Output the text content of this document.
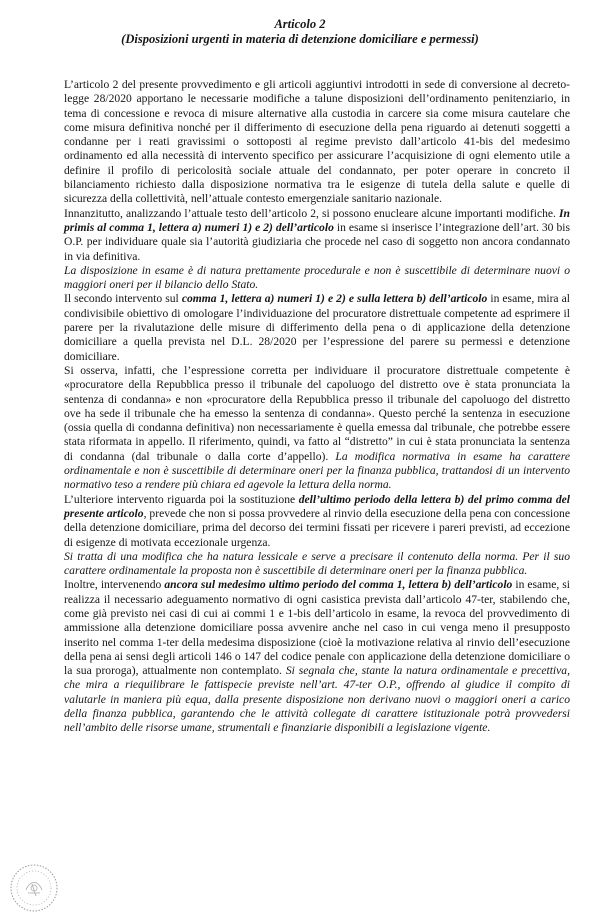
Articolo 2
(Disposizioni urgenti in materia di detenzione domiciliare e permessi)

L’articolo 2 del presente provvedimento e gli articoli aggiuntivi introdotti in sede di conversione al decreto-legge 28/2020 apportano le necessarie modifiche a talune disposizioni dell’ordinamento penitenziario, in tema di concessione e revoca di misure alternative alla custodia in carcere sia come misura cautelare che come misura definitiva nonché per il differimento di esecuzione della pena riguardo ai detenuti soggetti a condanne per i reati gravissimi o sottoposti al regime previsto dall’articolo 41-bis del medesimo ordinamento ed alla necessità di intervento specifico per assicurare l’acquisizione di ogni elemento utile a definire il profilo di pericolosità sociale attuale del condannato, per poter operare in concreto il bilanciamento richiesto dalla disposizione normativa tra le esigenze di tutela della salute e quelle di sicurezza della collettività, nell’attuale contesto emergenziale sanitario nazionale.

Innanzitutto, analizzando l’attuale testo dell’articolo 2, si possono enucleare alcune importanti modifiche. In primis al comma 1, lettera a) numeri 1) e 2) dell’articolo in esame si inserisce l’integrazione dell’art. 30 bis O.P. per individuare quale sia l’autorità giudiziaria che procede nel caso di soggetto non ancora condannato in via definitiva.

La disposizione in esame è di natura prettamente procedurale e non è suscettibile di determinare nuovi o maggiori oneri per il bilancio dello Stato.

Il secondo intervento sul comma 1, lettera a) numeri 1) e 2) e sulla lettera b) dell’articolo in esame, mira al condivisibile obiettivo di omologare l’individuazione del procuratore distrettuale competente ad esprimere il parere per la rivalutazione delle misure di differimento della pena o di applicazione della detenzione domiciliare a quella prevista nel D.L. 28/2020 per l’espressione del parere su permessi e detenzione domiciliare.

Si osserva, infatti, che l’espressione corretta per individuare il procuratore distrettuale competente è «procuratore della Repubblica presso il tribunale del capoluogo del distretto ove è stata pronunciata la sentenza di condanna» e non «procuratore della Repubblica presso il tribunale del capoluogo del distretto ove ha sede il tribunale che ha emesso la sentenza di condanna». Questo perché la sentenza in esecuzione (ossia quella di condanna definitiva) non necessariamente è quella emessa dal tribunale, che potrebbe essere stata riformata in appello. Il riferimento, quindi, va fatto al “distretto” in cui è stata pronunciata la sentenza di condanna (dal tribunale o dalla corte d’appello). La modifica normativa in esame ha carattere ordinamentale e non è suscettibile di determinare oneri per la finanza pubblica, trattandosi di un intervento normativo teso a rendere più chiara ed agevole la lettura della norma.

L’ulteriore intervento riguarda poi la sostituzione dell’ultimo periodo della lettera b) del primo comma del presente articolo, prevede che non si possa provvedere al rinvio della esecuzione della pena con concessione della detenzione domiciliare, prima del decorso dei termini fissati per ricevere i pareri previsti, ad eccezione di esigenze di motivata eccezionale urgenza.

Si tratta di una modifica che ha natura lessicale e serve a precisare il contenuto della norma. Per il suo carattere ordinamentale la proposta non è suscettibile di determinare oneri per la finanza pubblica.

Inoltre, intervenendo ancora sul medesimo ultimo periodo del comma 1, lettera b) dell’articolo in esame, si realizza il necessario adeguamento normativo di ogni casistica prevista dall’articolo 47-ter, stabilendo che, come già previsto nei casi di cui ai commi 1 e 1-bis dell’articolo in esame, la revoca del provvedimento di ammissione alla detenzione domiciliare possa avvenire anche nel caso in cui venga meno il presupposto inserito nel comma 1-ter della medesima disposizione (cioè la motivazione relativa al rinvio dell’esecuzione della pena ai sensi degli articoli 146 o 147 del codice penale con applicazione della detenzione domiciliare o la sua proroga), attualmente non contemplato. Si segnala che, stante la natura ordinamentale e precettiva, che mira a riequilibrare le fattispecie previste nell’art. 47-ter O.P., offrendo al giudice il compito di valutarle in maniera più equa, dalla presente disposizione non derivano nuovi o maggiori oneri a carico della finanza pubblica, garantendo che le attività collegate di carattere istituzionale potrà provvedersi nell’ambito delle risorse umane, strumentali e finanziarie disponibili a legislazione vigente.
